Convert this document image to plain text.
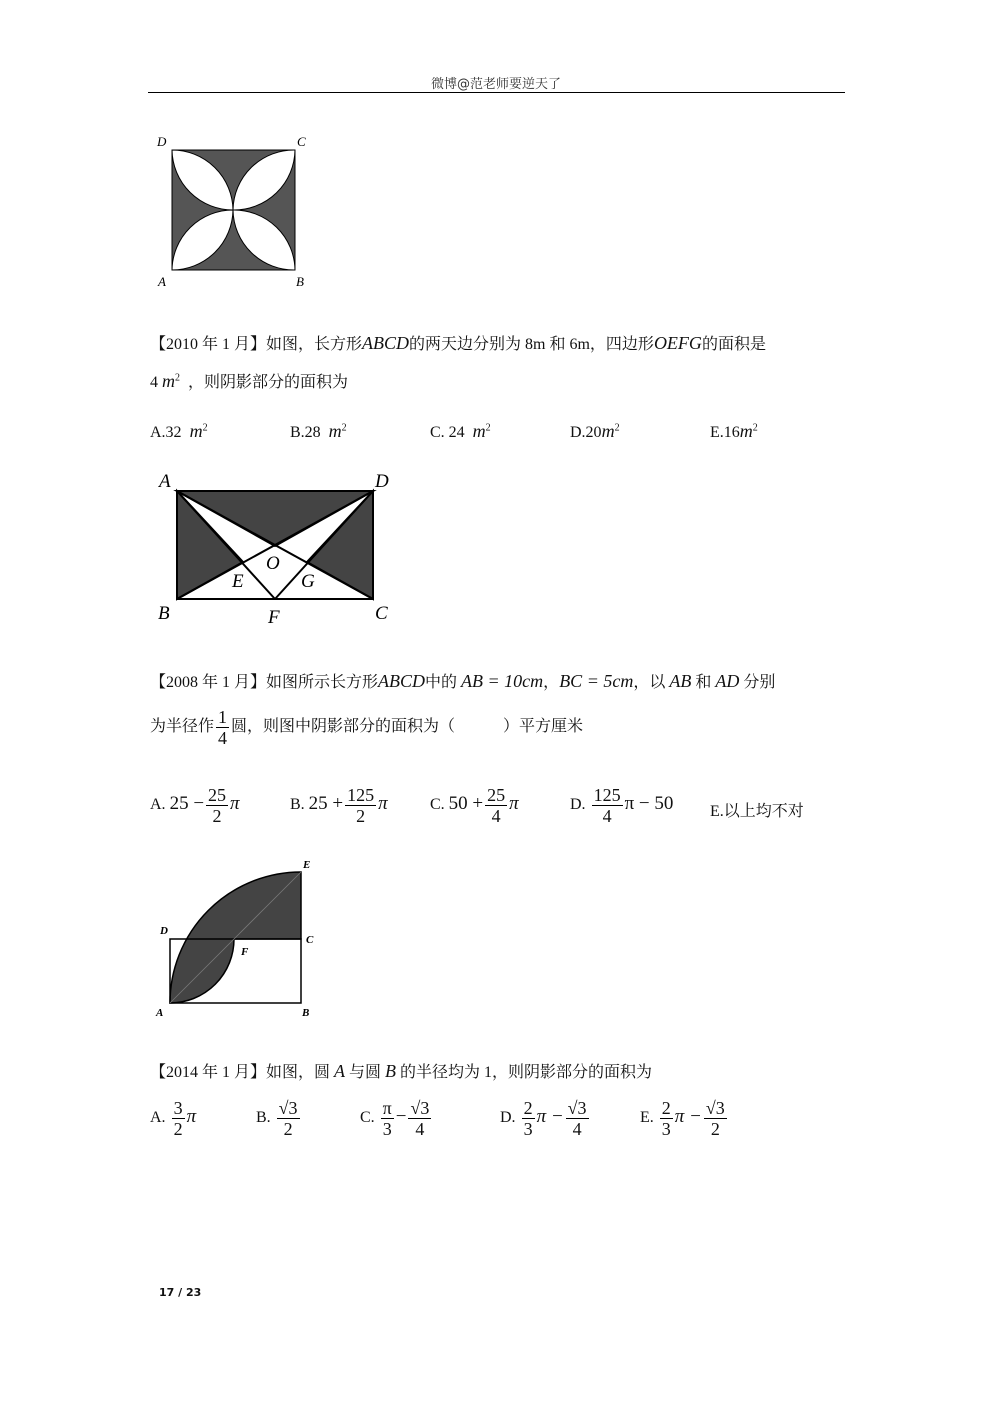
微博@范老师要逆天了
D	C
A	B
【2010 年 1 月】如图，长方形ABCD的两天边分别为 8m 和 6m，四边形OEFG的面积是
4 $m^2$ ，则阴影部分的面积为
A.32 $m^2$	B.28 $m^2$	C. 24 $m^2$	$D.20m^2$	$E.16m^2$
A	D
O
E	G
B	F	C
【2008 年 1 月】如图所示长方形ABCD中的 AB = 10cm，BC = 5cm，以 AB 和 AD 分别
为半径作 $\frac{1}{4}$ 圆，则图中阴影部分的面积为（　　　）平方厘米
A. $25 - \frac{25}{2}$ π	B. $25 + \frac{125}{2}$ π	C. $50 + \frac{25}{4}$ π	D. $\frac{125}{4}$ π − 50 E.以上均不对
E
D
C
F
A	B
【2014 年 1 月】如图，圆 A 与圆 B 的半径均为 1，则阴影部分的面积为
A. $\frac{3}{2}$ π	B. $\frac{√3}{2}$	C. $\frac{\pi}{3} - \frac{√3}{4}$	D. $\frac{2}{3}$ $\pi - \frac{√3}{4}$	E. $\frac{2}{3}$ $\pi - \frac{√3}{2}$
17 / 23
